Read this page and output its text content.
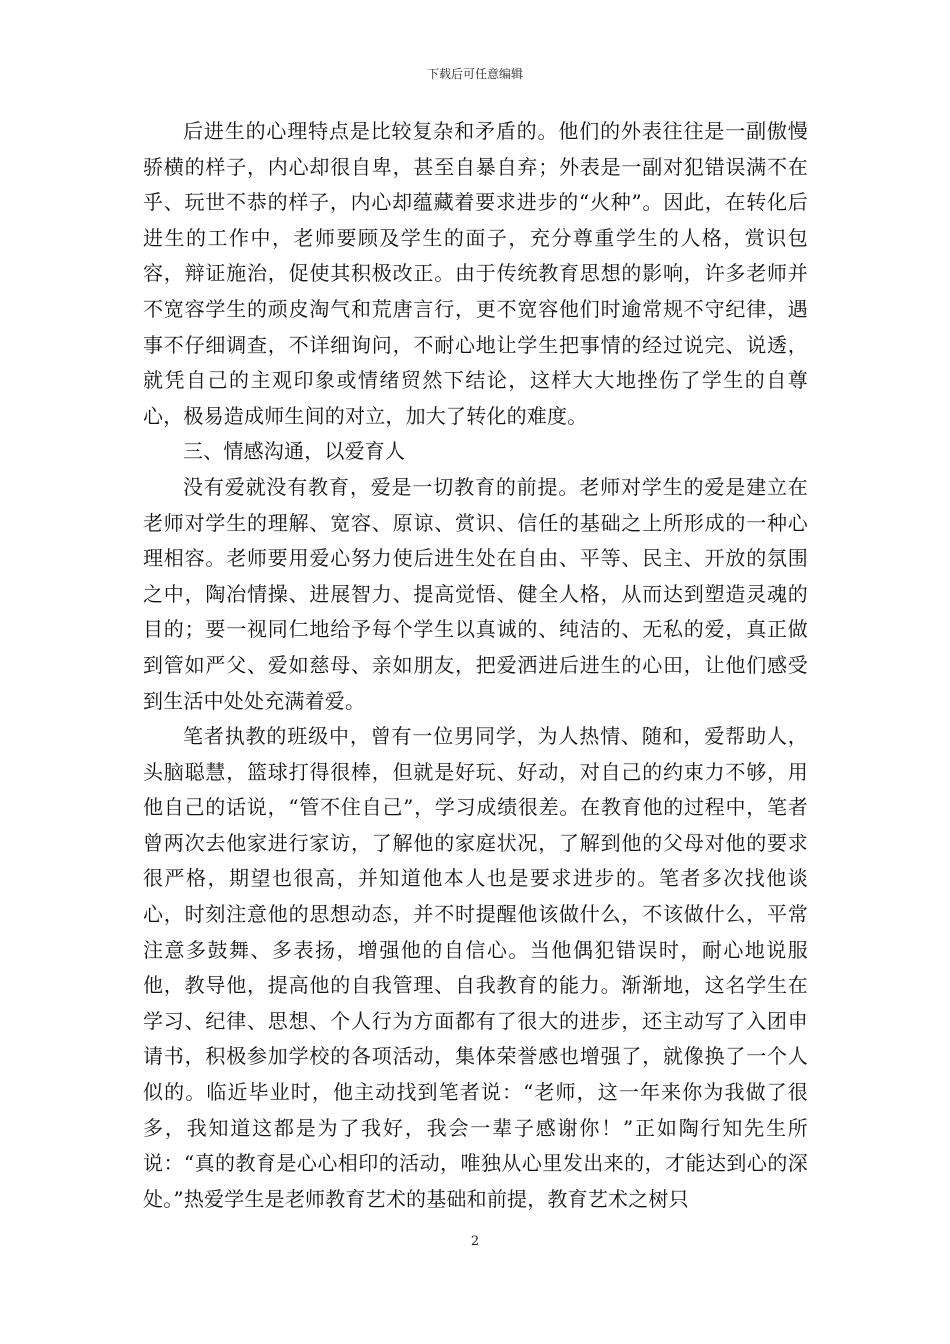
下载后可任意编辑

后进生的心理特点是比较复杂和矛盾的。他们的外表往往是一副傲慢骄横的样子，内心却很自卑，甚至自暴自弃；外表是一副对犯错误满不在乎、玩世不恭的样子，内心却蕴藏着要求进步的“火种”。因此，在转化后进生的工作中，老师要顾及学生的面子，充分尊重学生的人格，赏识包容，辩证施治，促使其积极改正。由于传统教育思想的影响，许多老师并不宽容学生的顽皮淘气和荒唐言行，更不宽容他们时逾常规不守纪律，遇事不仔细调查，不详细询问，不耐心地让学生把事情的经过说完、说透，就凭自己的主观印象或情绪贸然下结论，这样大大地挫伤了学生的自尊心，极易造成师生间的对立，加大了转化的难度。

三、情感沟通，以爱育人

没有爱就没有教育，爱是一切教育的前提。老师对学生的爱是建立在老师对学生的理解、宽容、原谅、赏识、信任的基础之上所形成的一种心理相容。老师要用爱心努力使后进生处在自由、平等、民主、开放的氛围之中，陶冶情操、进展智力、提高觉悟、健全人格，从而达到塑造灵魂的目的；要一视同仁地给予每个学生以真诚的、纯洁的、无私的爱，真正做到管如严父、爱如慈母、亲如朋友，把爱洒进后进生的心田，让他们感受到生活中处处充满着爱。

笔者执教的班级中，曾有一位男同学，为人热情、随和，爱帮助人，头脑聪慧，篮球打得很棒，但就是好玩、好动，对自己的约束力不够，用他自己的话说，“管不住自己”，学习成绩很差。在教育他的过程中，笔者曾两次去他家进行家访，了解他的家庭状况，了解到他的父母对他的要求很严格，期望也很高，并知道他本人也是要求进步的。笔者多次找他谈心，时刻注意他的思想动态，并不时提醒他该做什么，不该做什么，平常注意多鼓舞、多表扬，增强他的自信心。当他偶犯错误时，耐心地说服他，教导他，提高他的自我管理、自我教育的能力。渐渐地，这名学生在学习、纪律、思想、个人行为方面都有了很大的进步，还主动写了入团申请书，积极参加学校的各项活动，集体荣誉感也增强了，就像换了一个人似的。临近毕业时，他主动找到笔者说：“老师，这一年来你为我做了很多，我知道这都是为了我好，我会一辈子感谢你！”正如陶行知先生所说：“真的教育是心心相印的活动，唯独从心里发出来的，才能达到心的深处。”热爱学生是老师教育艺术的基础和前提，教育艺术之树只

2
